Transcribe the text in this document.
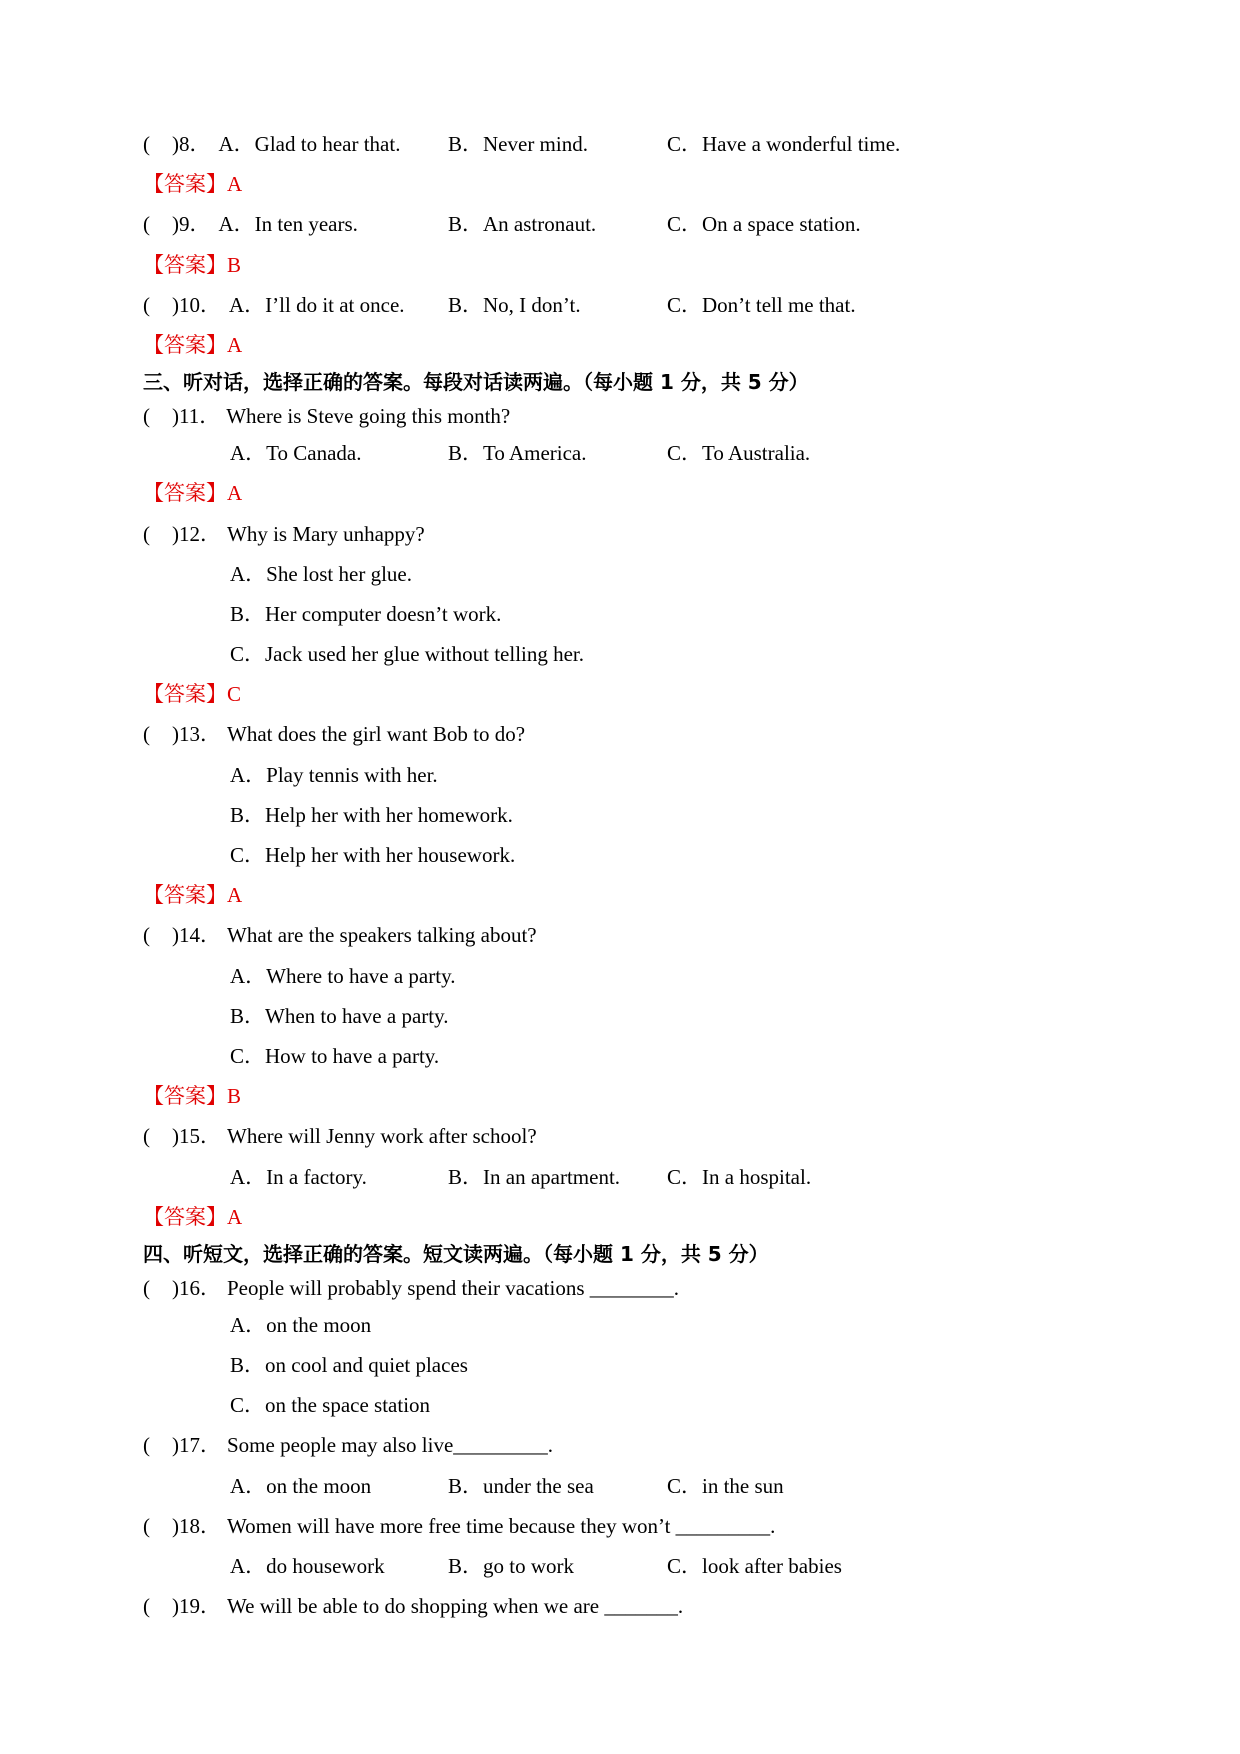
( )8． A．Glad to hear that. B．Never mind.	C．Have a wonderful time.
【答案】A
( )9． A．In ten years.	B．An astronaut.	C．On a space station.
【答案】B
( )10． A．I’ll do it at once. B．No, I don’t.	C．Don’t tell me that.
【答案】A
三、听对话，选择正确的答案。每段对话读两遍。（每小题 1 分，共 5 分）
( )11． Where is Steve going this month?
A．To Canada.	B．To America.	C．To Australia.
【答案】A
( )12． Why is Mary unhappy?
A．She lost her glue.
B．Her computer doesn’t work.
C．Jack used her glue without telling her.
【答案】C
( )13． What does the girl want Bob to do?
A．Play tennis with her.
B．Help her with her homework.
C．Help her with her housework.
【答案】A
( )14． What are the speakers talking about?
A．Where to have a party.
B．When to have a party.
C．How to have a party.
【答案】B
( )15． Where will Jenny work after school?
A．In a factory.	B．In an apartment. C．In a hospital.
【答案】A
四、听短文，选择正确的答案。短文读两遍。（每小题 1 分，共 5 分）
( )16． People will probably spend their vacations ________.
A．on the moon
B．on cool and quiet places
C．on the space station
( )17． Some people may also live_________.
A．on the moon	B．under the sea	C．in the sun
( )18． Women will have more free time because they won’t _________.
A．do housework	B．go to work	C．look after babies
( )19． We will be able to do shopping when we are _______.
